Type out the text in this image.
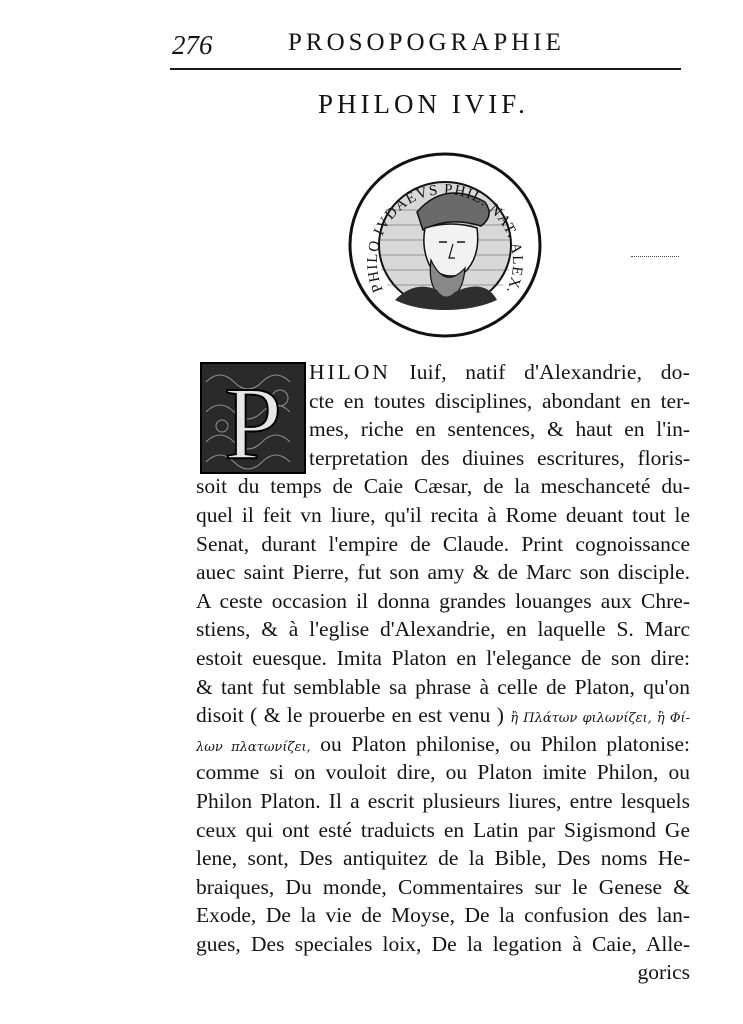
276	PROSOPOGRAPHIE
PHILON IVIF.
PHILO IVDAEVS PHIL. NAT. ALEX.
P	HILON Iuif, natif d'Alexandrie, do-
cte en toutes disciplines, abondant en ter-
mes, riche en sentences, & haut en l'in-
terpretation des diuines escritures, floris-
soit du temps de Caie Cæsar, de la meschanceté du-
quel il feit vn liure, qu'il recita à Rome deuant tout le
Senat, durant l'empire de Claude. Print cognoissance
auec saint Pierre, fut son amy & de Marc son disciple.
A ceste occasion il donna grandes louanges aux Chre-
stiens, & à l'eglise d'Alexandrie, en laquelle S. Marc
estoit euesque. Imita Platon en l'elegance de son dire:
& tant fut semblable sa phrase à celle de Platon, qu'on
disoit ( & le prouerbe en est venu ) ἢ Πλάτων φιλωνίζει, ἢ Φί-
λων πλατωνίζει, ou Platon philonise, ou Philon platonise:
comme si on vouloit dire, ou Platon imite Philon, ou
Philon Platon. Il a escrit plusieurs liures, entre lesquels
ceux qui ont esté traduicts en Latin par Sigismond Ge
lene, sont, Des antiquitez de la Bible, Des noms He-
braiques, Du monde, Commentaires sur le Genese &
Exode, De la vie de Moyse, De la confusion des lan-
gues, Des speciales loix, De la legation à Caie, Alle-
gorics
